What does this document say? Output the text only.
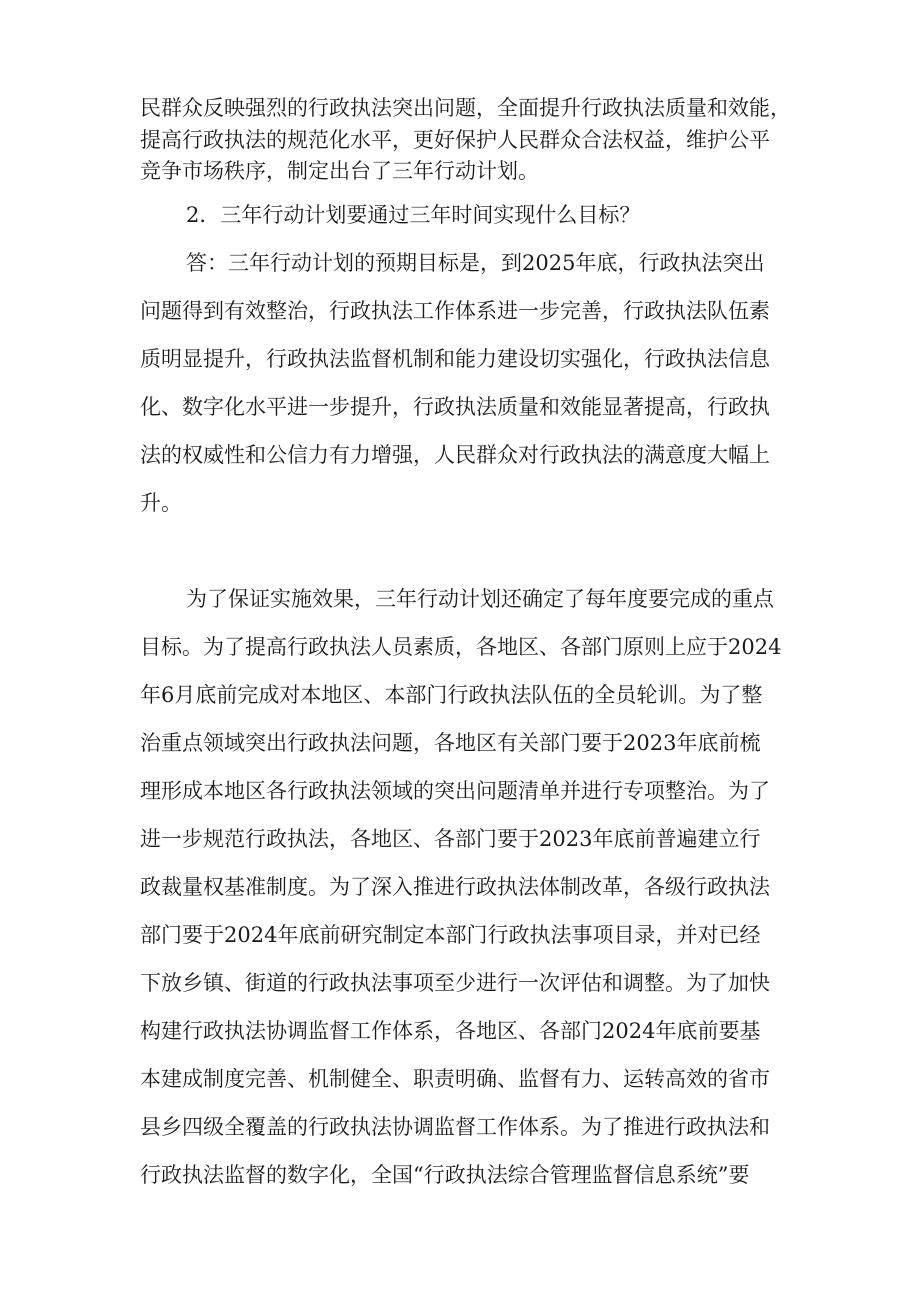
民群众反映强烈的行政执法突出问题，全面提升行政执法质量和效能，

提高行政执法的规范化水平，更好保护人民群众合法权益，维护公平

竞争市场秩序，制定出台了三年行动计划。

2．三年行动计划要通过三年时间实现什么目标？

答：三年行动计划的预期目标是，到2025年底，行政执法突出

问题得到有效整治，行政执法工作体系进一步完善，行政执法队伍素

质明显提升，行政执法监督机制和能力建设切实强化，行政执法信息

化、数字化水平进一步提升，行政执法质量和效能显著提高，行政执

法的权威性和公信力有力增强，人民群众对行政执法的满意度大幅上

升。

为了保证实施效果，三年行动计划还确定了每年度要完成的重点

目标。为了提高行政执法人员素质，各地区、各部门原则上应于2024

年6月底前完成对本地区、本部门行政执法队伍的全员轮训。为了整

治重点领域突出行政执法问题，各地区有关部门要于2023年底前梳

理形成本地区各行政执法领域的突出问题清单并进行专项整治。为了

进一步规范行政执法，各地区、各部门要于2023年底前普遍建立行

政裁量权基准制度。为了深入推进行政执法体制改革，各级行政执法

部门要于2024年底前研究制定本部门行政执法事项目录，并对已经

下放乡镇、街道的行政执法事项至少进行一次评估和调整。为了加快

构建行政执法协调监督工作体系，各地区、各部门2024年底前要基

本建成制度完善、机制健全、职责明确、监督有力、运转高效的省市

县乡四级全覆盖的行政执法协调监督工作体系。为了推进行政执法和

行政执法监督的数字化，全国“行政执法综合管理监督信息系统”要
